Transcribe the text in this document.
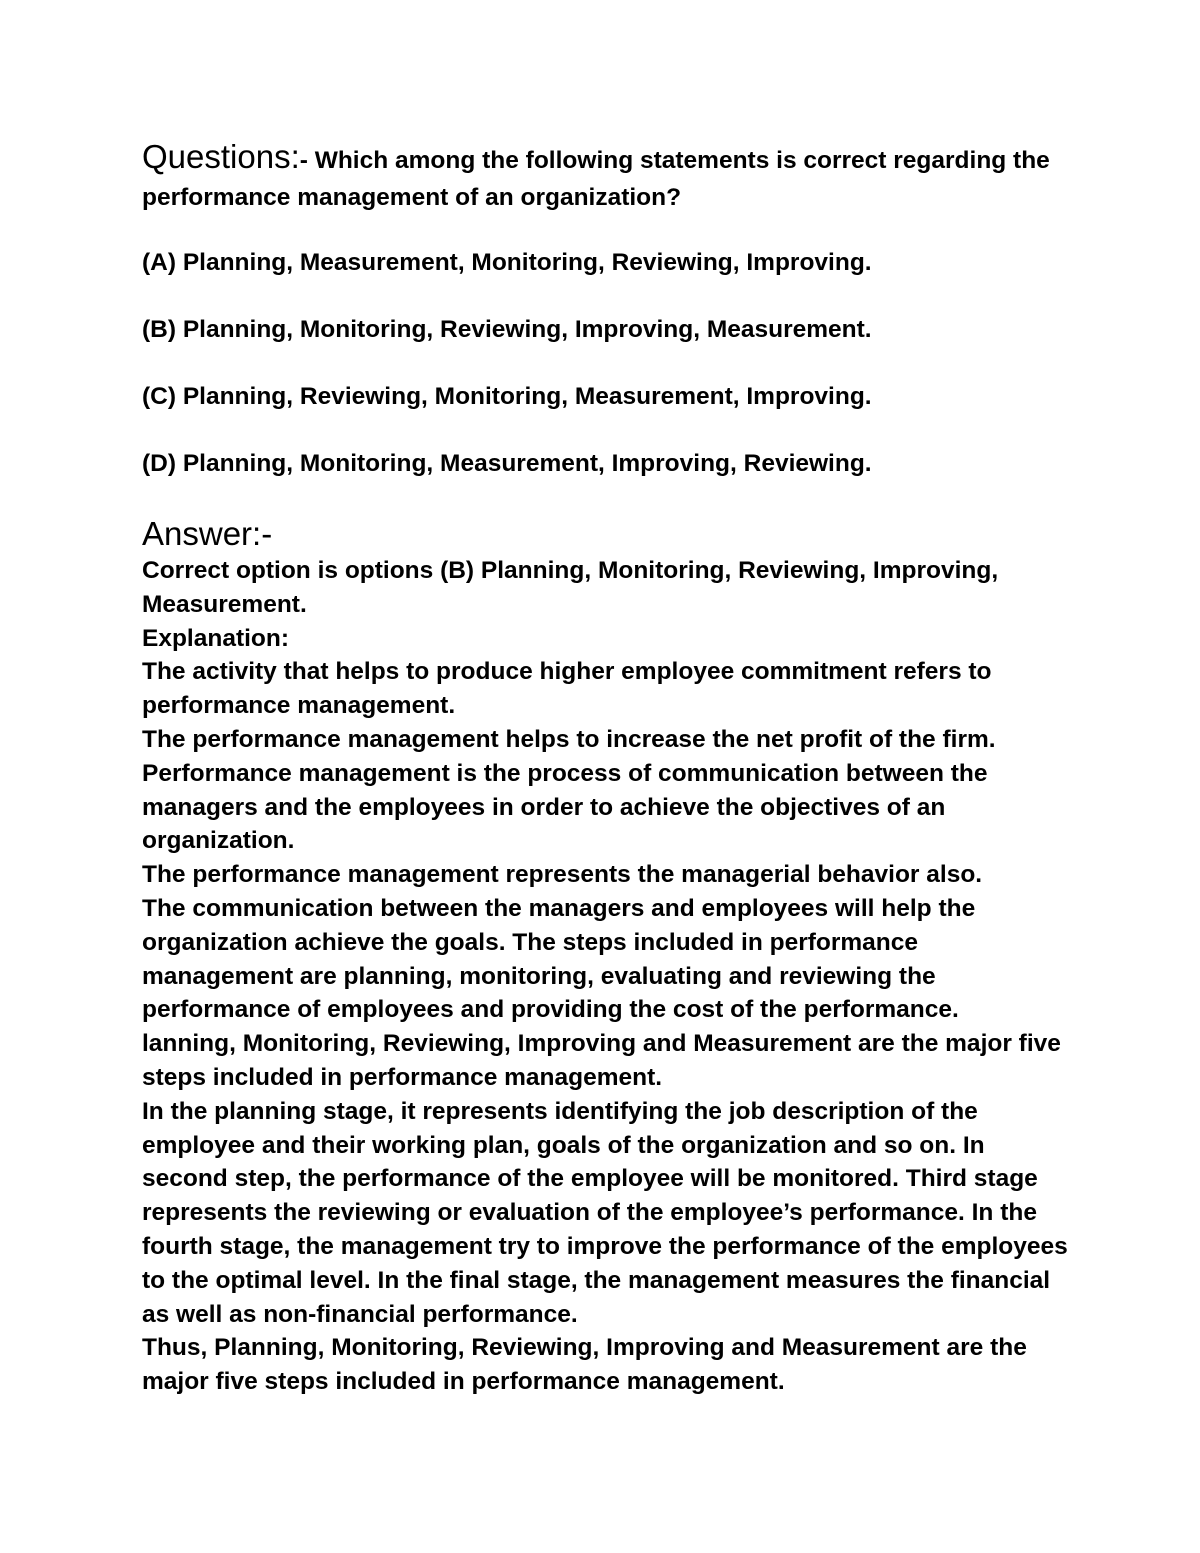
Questions:- Which among the following statements is correct regarding the performance management of an organization?

(A) Planning, Measurement, Monitoring, Reviewing, Improving.

(B) Planning, Monitoring, Reviewing, Improving, Measurement.

(C) Planning, Reviewing, Monitoring, Measurement, Improving.

(D) Planning, Monitoring, Measurement, Improving, Reviewing.

Answer:-

Correct option is options (B) Planning, Monitoring, Reviewing, Improving, Measurement.
Explanation:
The activity that helps to produce higher employee commitment refers to performance management.
The performance management helps to increase the net profit of the firm.
Performance management is the process of communication between the managers and the employees in order to achieve the objectives of an organization.
The performance management represents the managerial behavior also.
The communication between the managers and employees will help the organization achieve the goals. The steps included in performance management are planning, monitoring, evaluating and reviewing the performance of employees and providing the cost of the performance.
lanning, Monitoring, Reviewing, Improving and Measurement are the major five steps included in performance management.
In the planning stage, it represents identifying the job description of the employee and their working plan, goals of the organization and so on. In second step, the performance of the employee will be monitored. Third stage represents the reviewing or evaluation of the employee’s performance. In the fourth stage, the management try to improve the performance of the employees to the optimal level. In the final stage, the management measures the financial as well as non-financial performance.
Thus, Planning, Monitoring, Reviewing, Improving and Measurement are the major five steps included in performance management.
